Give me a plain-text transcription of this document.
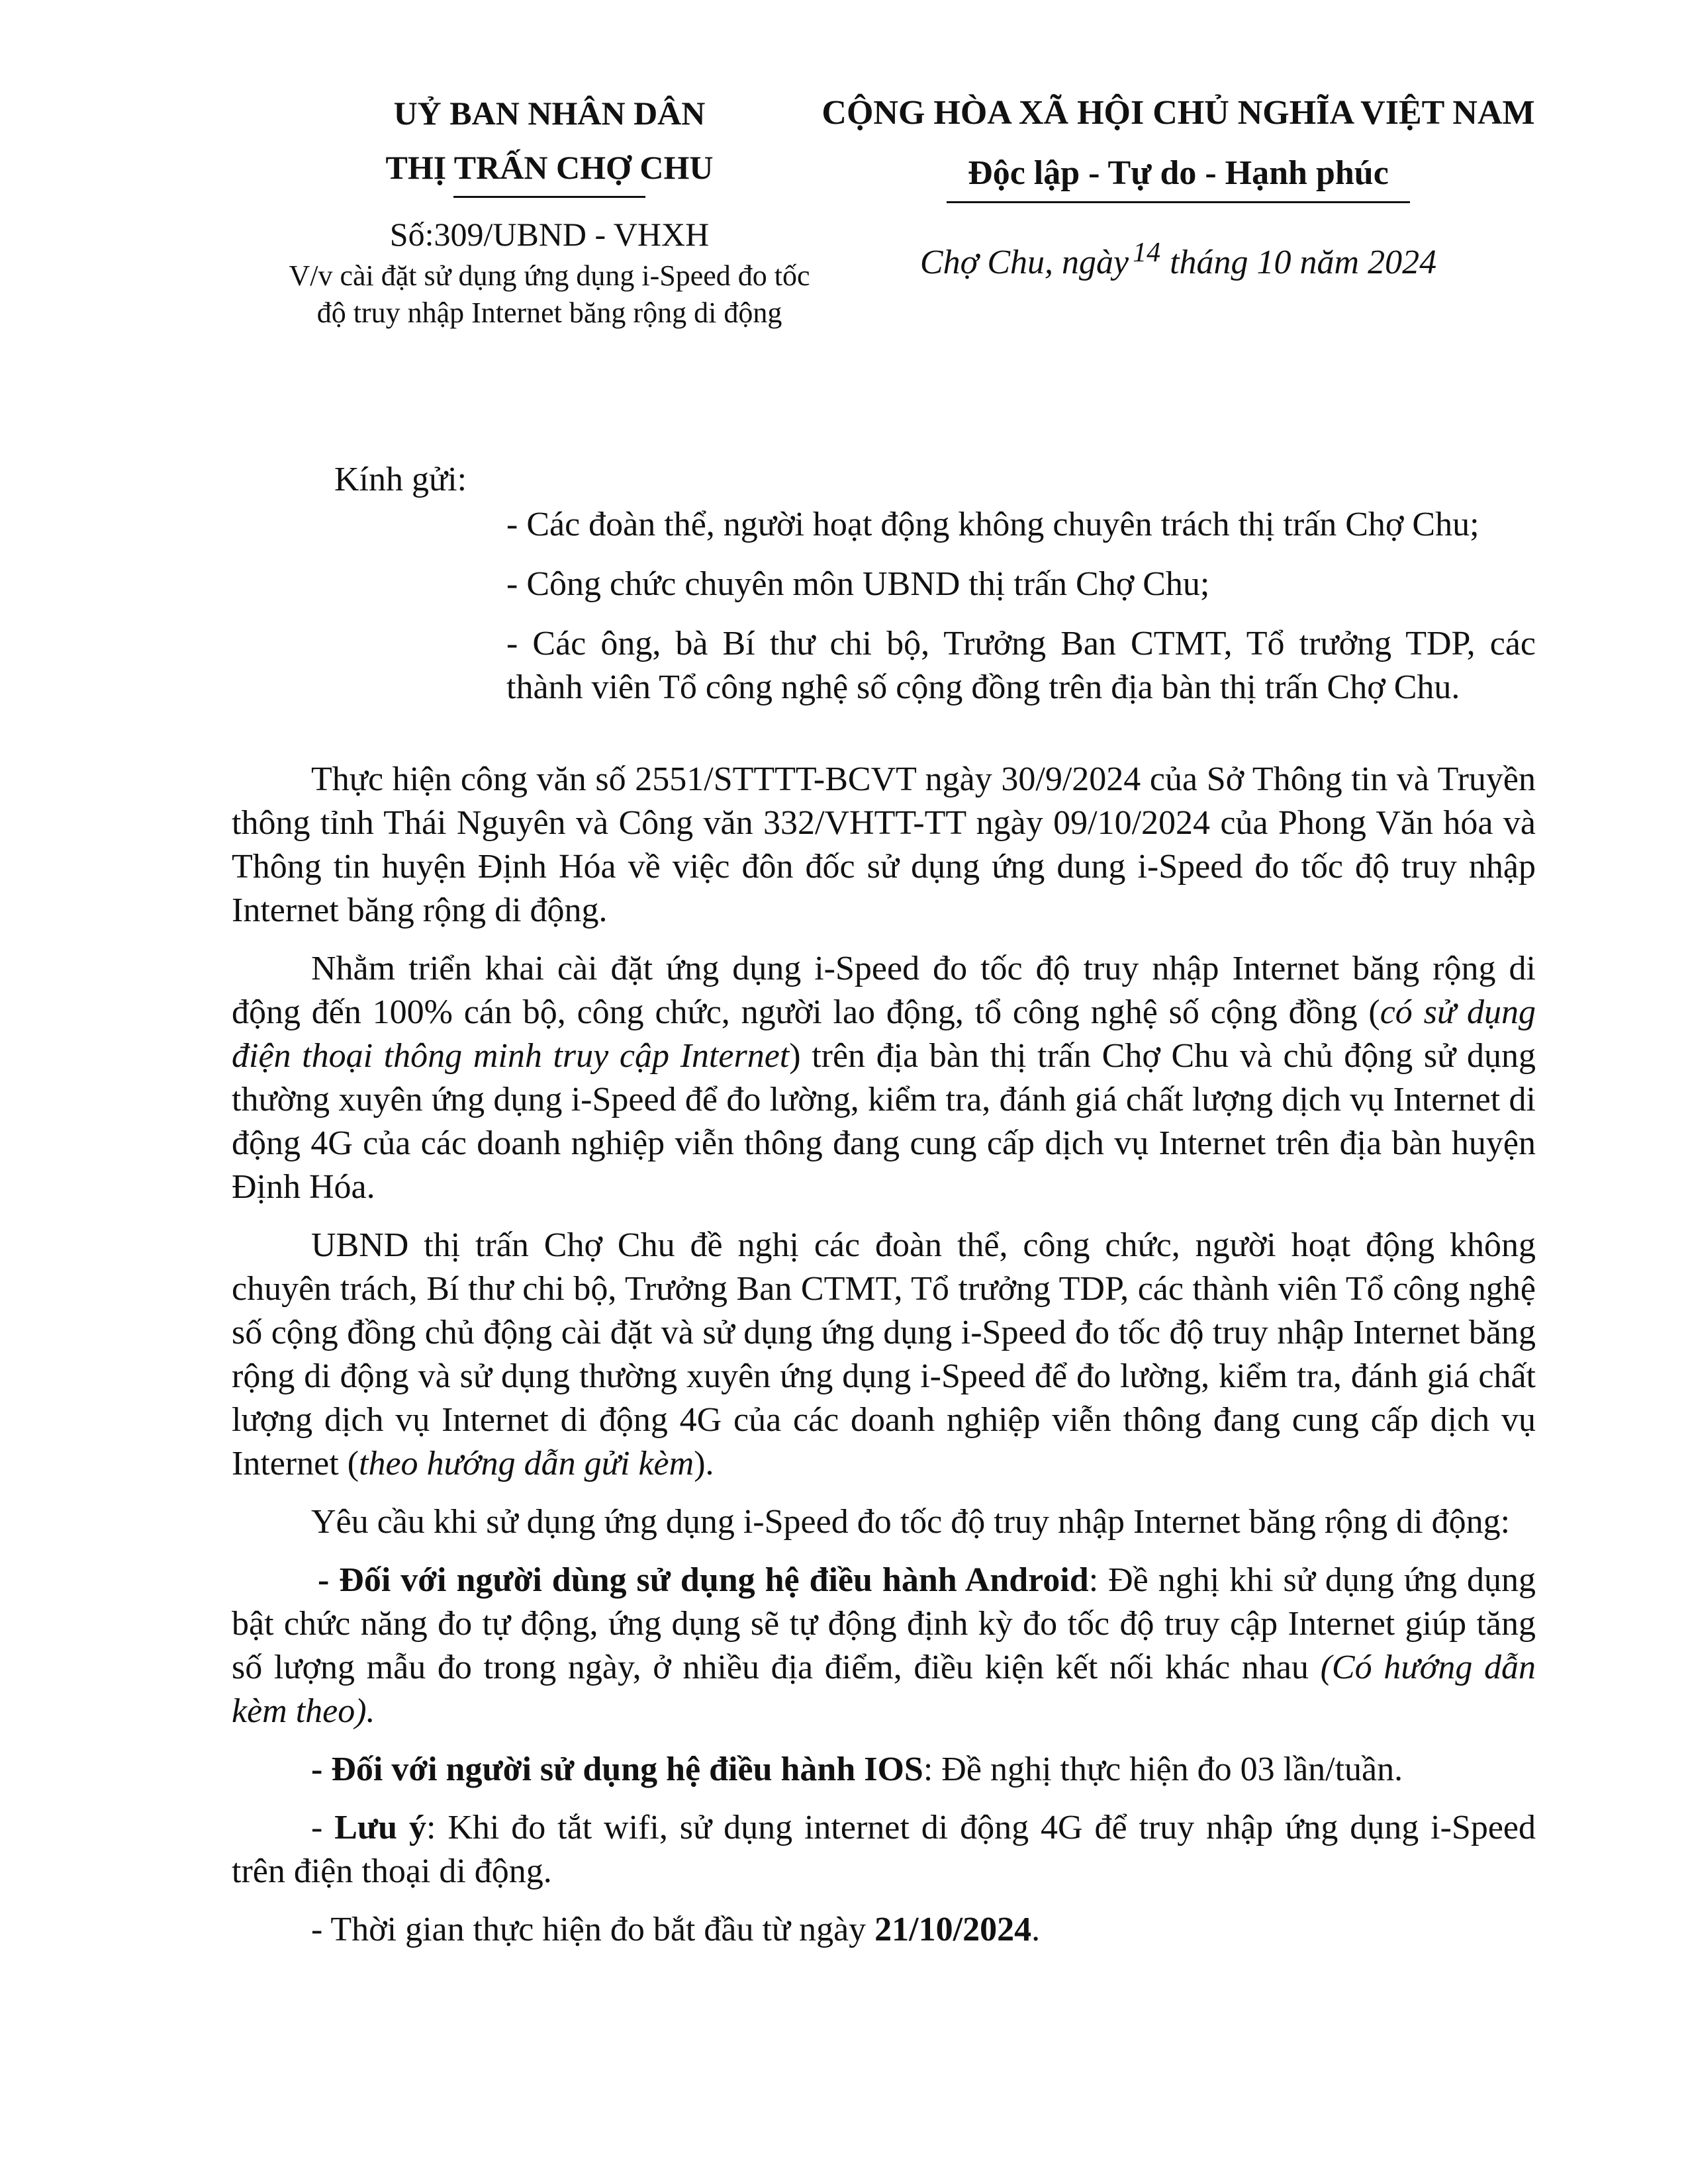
UỶ BAN NHÂN DÂN

THỊ TRẤN CHỢ CHU

Số:309/UBND - VHXH

V/v cài đặt sử dụng ứng dụng i-Speed đo tốc độ truy nhập Internet băng rộng di động

CỘNG HÒA XÃ HỘI CHỦ NGHĨA VIỆT NAM

Độc lập - Tự do - Hạnh phúc

Chợ Chu, ngày $^{14}$ tháng 10 năm 2024

Kính gửi:

- Các đoàn thể, người hoạt động không chuyên trách thị trấn Chợ Chu;

- Công chức chuyên môn UBND thị trấn Chợ Chu;

- Các ông, bà Bí thư chi bộ, Trưởng Ban CTMT, Tổ trưởng TDP, các thành viên Tổ công nghệ số cộng đồng trên địa bàn thị trấn Chợ Chu.

Thực hiện công văn số 2551/STTTT-BCVT ngày 30/9/2024 của Sở Thông tin và Truyền thông tỉnh Thái Nguyên và Công văn 332/VHTT-TT ngày 09/10/2024 của Phong Văn hóa và Thông tin huyện Định Hóa về việc đôn đốc sử dụng ứng dung i-Speed đo tốc độ truy nhập Internet băng rộng di động.

Nhằm triển khai cài đặt ứng dụng i-Speed đo tốc độ truy nhập Internet băng rộng di động đến 100% cán bộ, công chức, người lao động, tổ công nghệ số cộng đồng (có sử dụng điện thoại thông minh truy cập Internet) trên địa bàn thị trấn Chợ Chu và chủ động sử dụng thường xuyên ứng dụng i-Speed để đo lường, kiểm tra, đánh giá chất lượng dịch vụ Internet di động 4G của các doanh nghiệp viễn thông đang cung cấp dịch vụ Internet trên địa bàn huyện Định Hóa.

UBND thị trấn Chợ Chu đề nghị các đoàn thể, công chức, người hoạt động không chuyên trách, Bí thư chi bộ, Trưởng Ban CTMT, Tổ trưởng TDP, các thành viên Tổ công nghệ số cộng đồng chủ động cài đặt và sử dụng ứng dụng i-Speed đo tốc độ truy nhập Internet băng rộng di động và sử dụng thường xuyên ứng dụng i-Speed để đo lường, kiểm tra, đánh giá chất lượng dịch vụ Internet di động 4G của các doanh nghiệp viễn thông đang cung cấp dịch vụ Internet (theo hướng dẫn gửi kèm).

Yêu cầu khi sử dụng ứng dụng i-Speed đo tốc độ truy nhập Internet băng rộng di động:

- Đối với người dùng sử dụng hệ điều hành Android: Đề nghị khi sử dụng ứng dụng bật chức năng đo tự động, ứng dụng sẽ tự động định kỳ đo tốc độ truy cập Internet giúp tăng số lượng mẫu đo trong ngày, ở nhiều địa điểm, điều kiện kết nối khác nhau (Có hướng dẫn kèm theo).

- Đối với người sử dụng hệ điều hành IOS: Đề nghị thực hiện đo 03 lần/tuần.

- Lưu ý: Khi đo tắt wifi, sử dụng internet di động 4G để truy nhập ứng dụng i-Speed trên điện thoại di động.

- Thời gian thực hiện đo bắt đầu từ ngày 21/10/2024.
